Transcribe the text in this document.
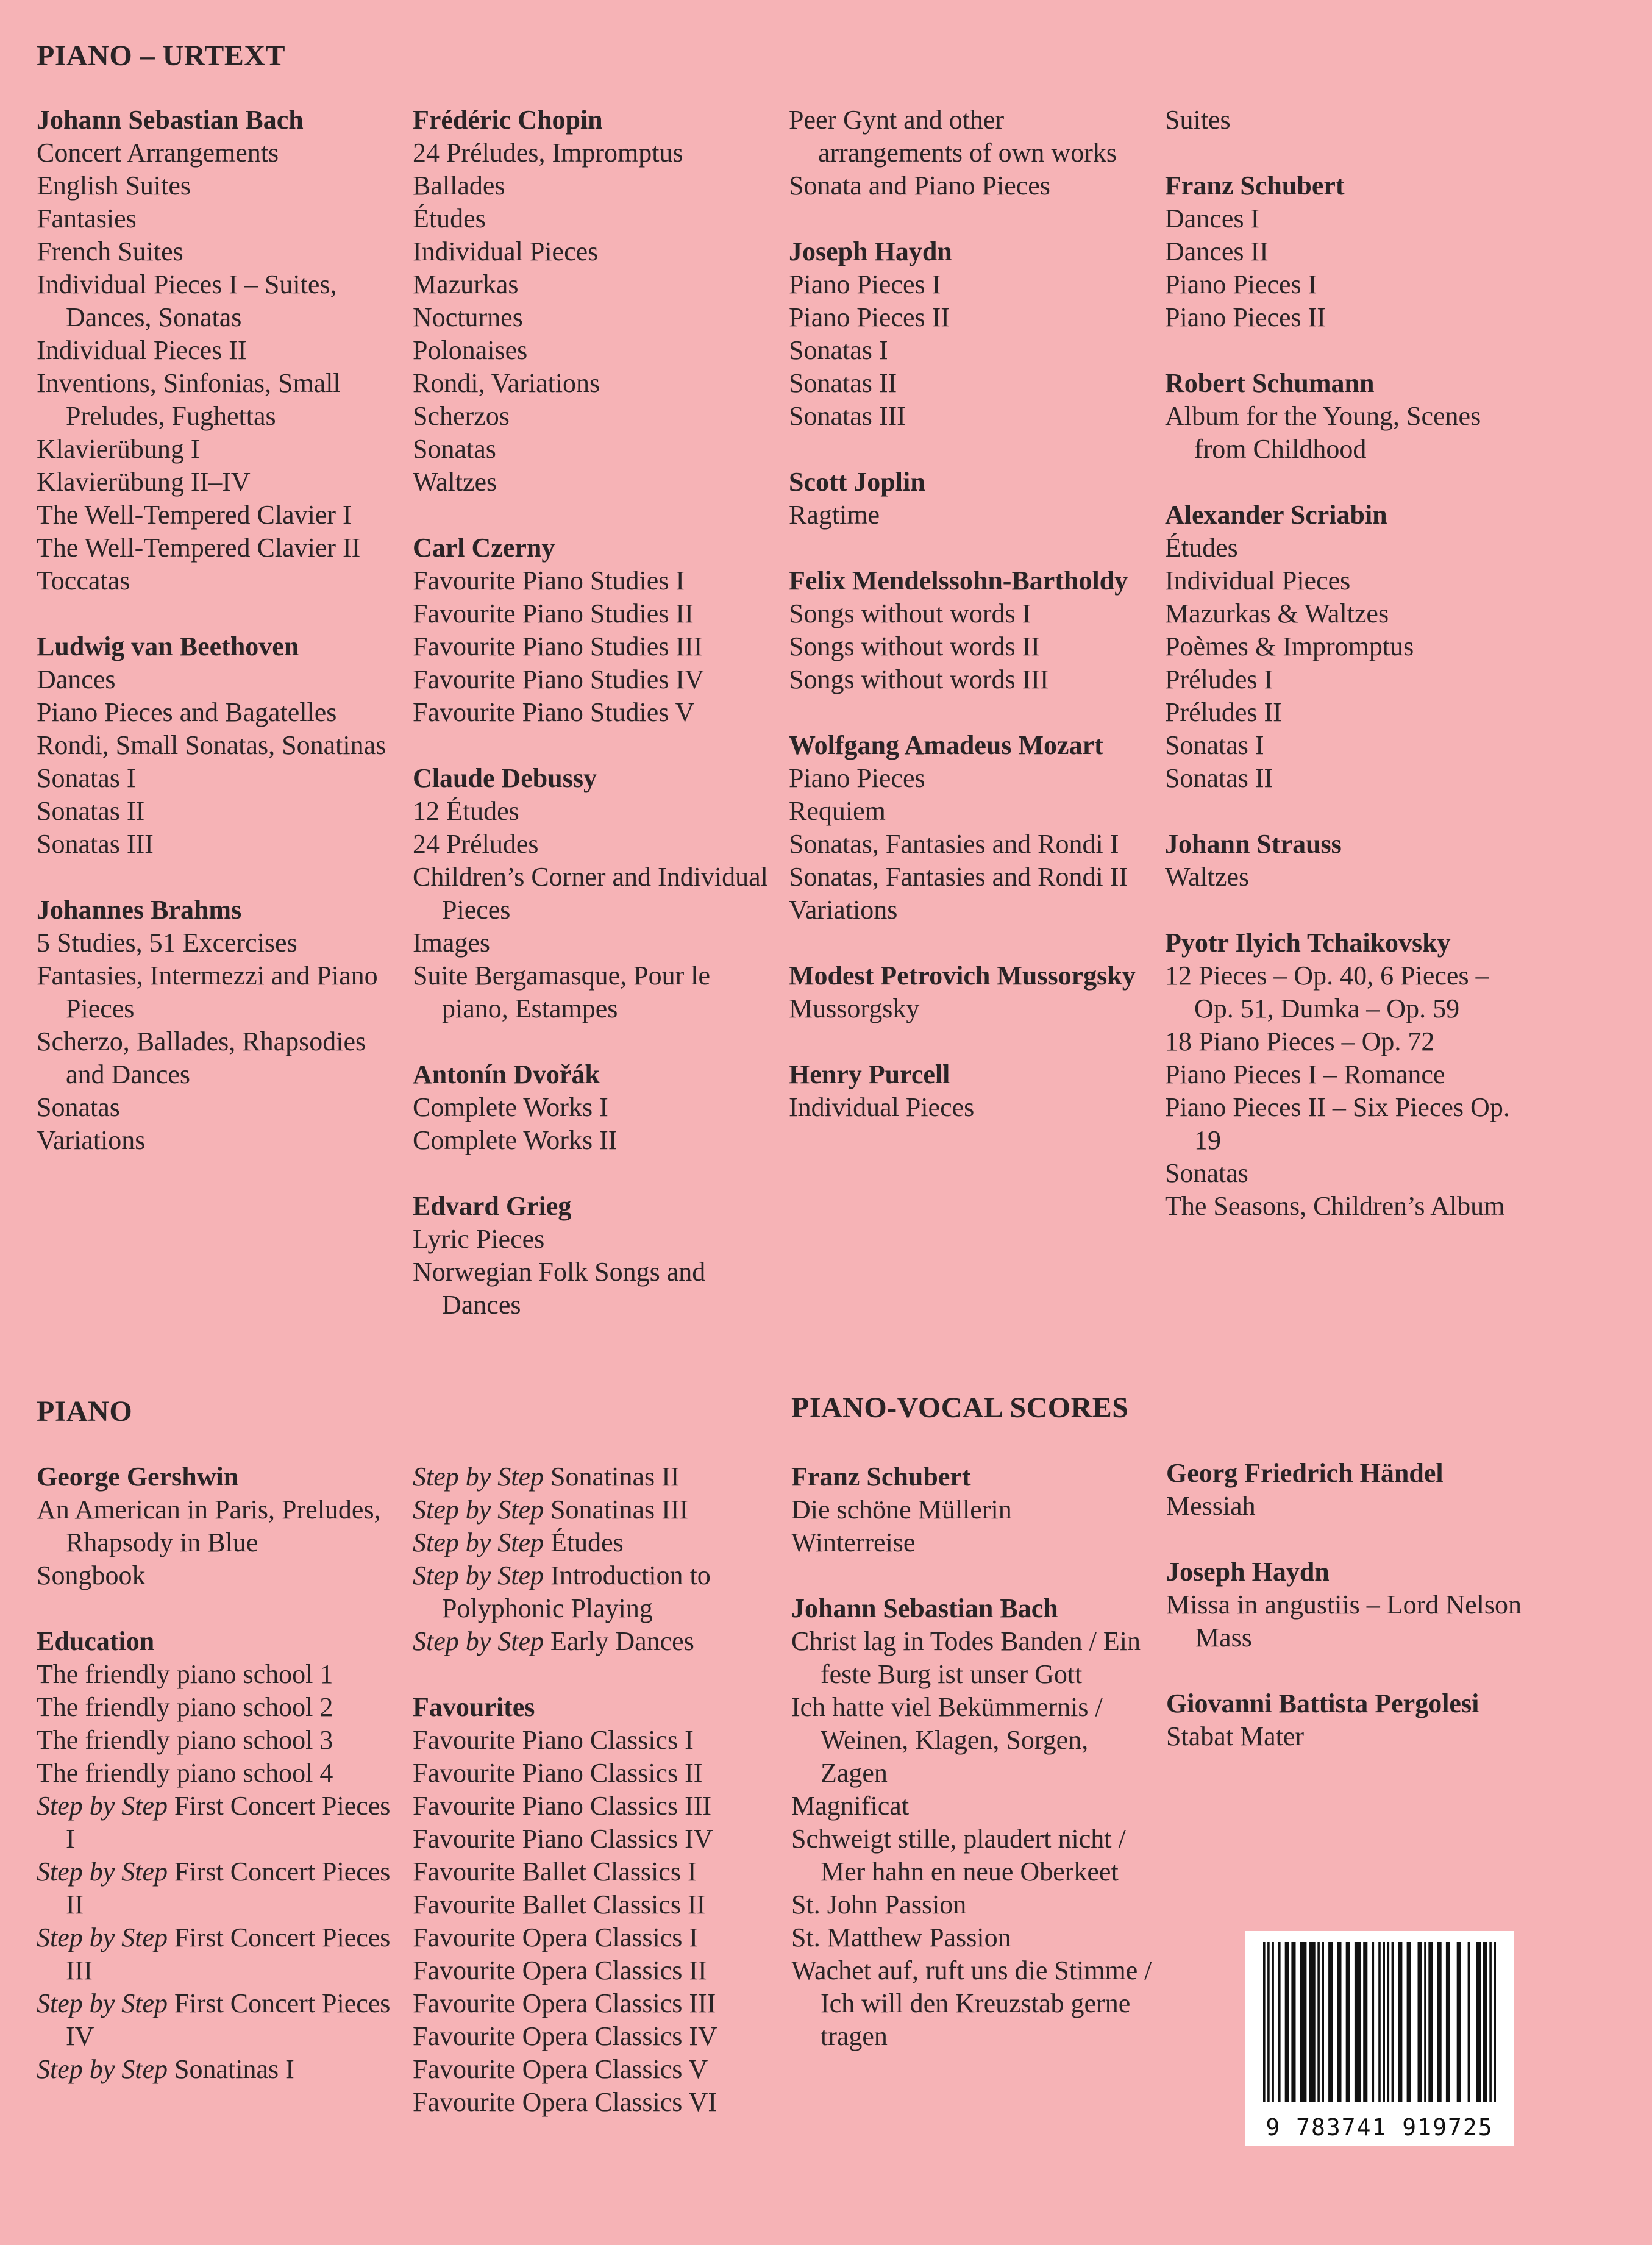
PIANO – URTEXT
Johann Sebastian Bach
Concert Arrangements
English Suites
Fantasies
French Suites
Individual Pieces I – Suites, Dances, Sonatas
Individual Pieces II
Inventions, Sinfonias, Small Preludes, Fughettas
Klavierübung I
Klavierübung II–IV
The Well-Tempered Clavier I
The Well-Tempered Clavier II
Toccatas
Ludwig van Beethoven
Dances
Piano Pieces and Bagatelles
Rondi, Small Sonatas, Sonatinas
Sonatas I
Sonatas II
Sonatas III
Johannes Brahms
5 Studies, 51 Excercises
Fantasies, Intermezzi and Piano Pieces
Scherzo, Ballades, Rhapsodies and Dances
Sonatas
Variations
Frédéric Chopin
24 Préludes, Impromptus
Ballades
Études
Individual Pieces
Mazurkas
Nocturnes
Polonaises
Rondi, Variations
Scherzos
Sonatas
Waltzes
Carl Czerny
Favourite Piano Studies I
Favourite Piano Studies II
Favourite Piano Studies III
Favourite Piano Studies IV
Favourite Piano Studies V
Claude Debussy
12 Études
24 Préludes
Children’s Corner and Individual Pieces
Images
Suite Bergamasque, Pour le piano, Estampes
Antonín Dvořák
Complete Works I
Complete Works II
Edvard Grieg
Lyric Pieces
Norwegian Folk Songs and Dances
Peer Gynt and other arrangements of own works
Sonata and Piano Pieces
Joseph Haydn
Piano Pieces I
Piano Pieces II
Sonatas I
Sonatas II
Sonatas III
Scott Joplin
Ragtime
Felix Mendelssohn-Bartholdy
Songs without words I
Songs without words II
Songs without words III
Wolfgang Amadeus Mozart
Piano Pieces
Requiem
Sonatas, Fantasies and Rondi I
Sonatas, Fantasies and Rondi II
Variations
Modest Petrovich Mussorgsky
Mussorgsky
Henry Purcell
Individual Pieces
Suites
Franz Schubert
Dances I
Dances II
Piano Pieces I
Piano Pieces II
Robert Schumann
Album for the Young, Scenes from Childhood
Alexander Scriabin
Études
Individual Pieces
Mazurkas & Waltzes
Poèmes & Impromptus
Préludes I
Préludes II
Sonatas I
Sonatas II
Johann Strauss
Waltzes
Pyotr Ilyich Tchaikovsky
12 Pieces – Op. 40, 6 Pieces – Op. 51, Dumka – Op. 59
18 Piano Pieces – Op. 72
Piano Pieces I – Romance
Piano Pieces II – Six Pieces Op. 19
Sonatas
The Seasons, Children’s Album
PIANO	PIANO-VOCAL SCORES
George Gershwin
An American in Paris, Preludes, Rhapsody in Blue
Songbook
Education
The friendly piano school 1
The friendly piano school 2
The friendly piano school 3
The friendly piano school 4
Step by Step First Concert Pieces I
Step by Step First Concert Pieces II
Step by Step First Concert Pieces III
Step by Step First Concert Pieces IV
Step by Step Sonatinas I
Step by Step Sonatinas II
Step by Step Sonatinas III
Step by Step Études
Step by Step Introduction to Polyphonic Playing
Step by Step Early Dances
Favourites
Favourite Piano Classics I
Favourite Piano Classics II
Favourite Piano Classics III
Favourite Piano Classics IV
Favourite Ballet Classics I
Favourite Ballet Classics II
Favourite Opera Classics I
Favourite Opera Classics II
Favourite Opera Classics III
Favourite Opera Classics IV
Favourite Opera Classics V
Favourite Opera Classics VI
Franz Schubert
Die schöne Müllerin
Winterreise
Johann Sebastian Bach
Christ lag in Todes Banden / Ein feste Burg ist unser Gott
Ich hatte viel Bekümmernis / Weinen, Klagen, Sorgen, Zagen
Magnificat
Schweigt stille, plaudert nicht / Mer hahn en neue Oberkeet
St. John Passion
St. Matthew Passion
Wachet auf, ruft uns die Stimme / Ich will den Kreuzstab gerne tragen
Georg Friedrich Händel
Messiah
Joseph Haydn
Missa in angustiis – Lord Nelson Mass
Giovanni Battista Pergolesi
Stabat Mater
9 783741 919725
